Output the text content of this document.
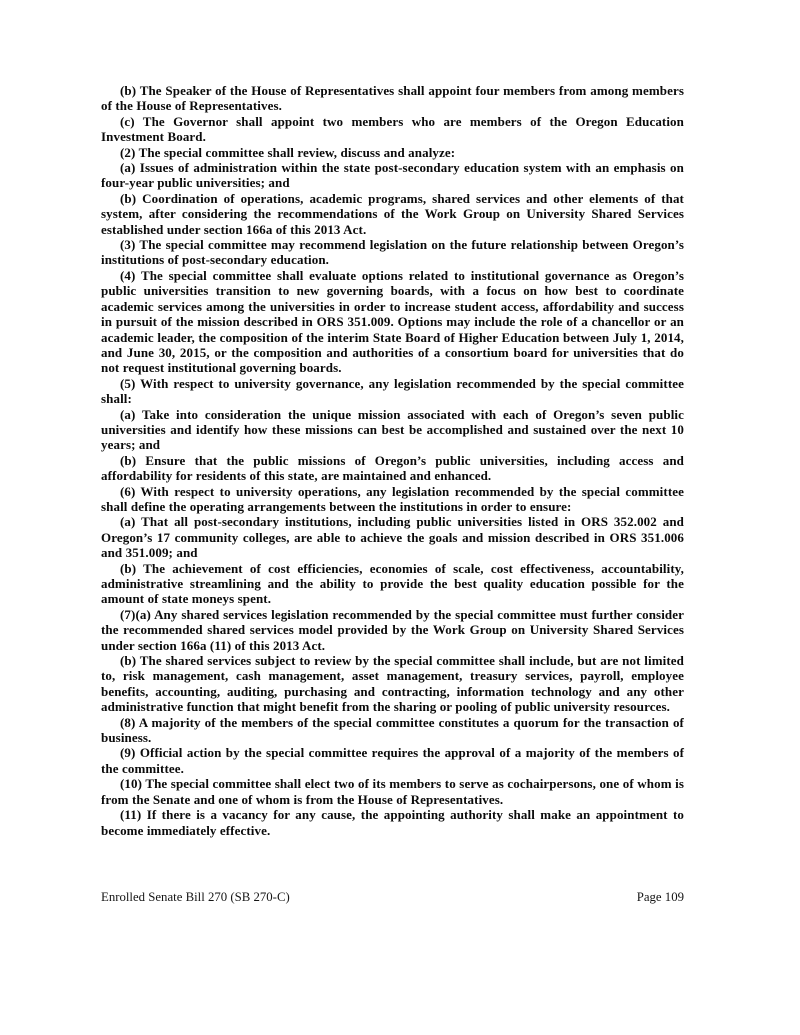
(b) The Speaker of the House of Representatives shall appoint four members from among members of the House of Representatives.

(c) The Governor shall appoint two members who are members of the Oregon Education Investment Board.

(2) The special committee shall review, discuss and analyze:

(a) Issues of administration within the state post-secondary education system with an emphasis on four-year public universities; and

(b) Coordination of operations, academic programs, shared services and other elements of that system, after considering the recommendations of the Work Group on University Shared Services established under section 166a of this 2013 Act.

(3) The special committee may recommend legislation on the future relationship between Oregon’s institutions of post-secondary education.

(4) The special committee shall evaluate options related to institutional governance as Oregon’s public universities transition to new governing boards, with a focus on how best to coordinate academic services among the universities in order to increase student access, affordability and success in pursuit of the mission described in ORS 351.009. Options may include the role of a chancellor or an academic leader, the composition of the interim State Board of Higher Education between July 1, 2014, and June 30, 2015, or the composition and authorities of a consortium board for universities that do not request institutional governing boards.

(5) With respect to university governance, any legislation recommended by the special committee shall:

(a) Take into consideration the unique mission associated with each of Oregon’s seven public universities and identify how these missions can best be accomplished and sustained over the next 10 years; and

(b) Ensure that the public missions of Oregon’s public universities, including access and affordability for residents of this state, are maintained and enhanced.

(6) With respect to university operations, any legislation recommended by the special committee shall define the operating arrangements between the institutions in order to ensure:

(a) That all post-secondary institutions, including public universities listed in ORS 352.002 and Oregon’s 17 community colleges, are able to achieve the goals and mission described in ORS 351.006 and 351.009; and

(b) The achievement of cost efficiencies, economies of scale, cost effectiveness, accountability, administrative streamlining and the ability to provide the best quality education possible for the amount of state moneys spent.

(7)(a) Any shared services legislation recommended by the special committee must further consider the recommended shared services model provided by the Work Group on University Shared Services under section 166a (11) of this 2013 Act.

(b) The shared services subject to review by the special committee shall include, but are not limited to, risk management, cash management, asset management, treasury services, payroll, employee benefits, accounting, auditing, purchasing and contracting, information technology and any other administrative function that might benefit from the sharing or pooling of public university resources.

(8) A majority of the members of the special committee constitutes a quorum for the transaction of business.

(9) Official action by the special committee requires the approval of a majority of the members of the committee.

(10) The special committee shall elect two of its members to serve as cochairpersons, one of whom is from the Senate and one of whom is from the House of Representatives.

(11) If there is a vacancy for any cause, the appointing authority shall make an appointment to become immediately effective.

Enrolled Senate Bill 270 (SB 270-C)	Page 109
